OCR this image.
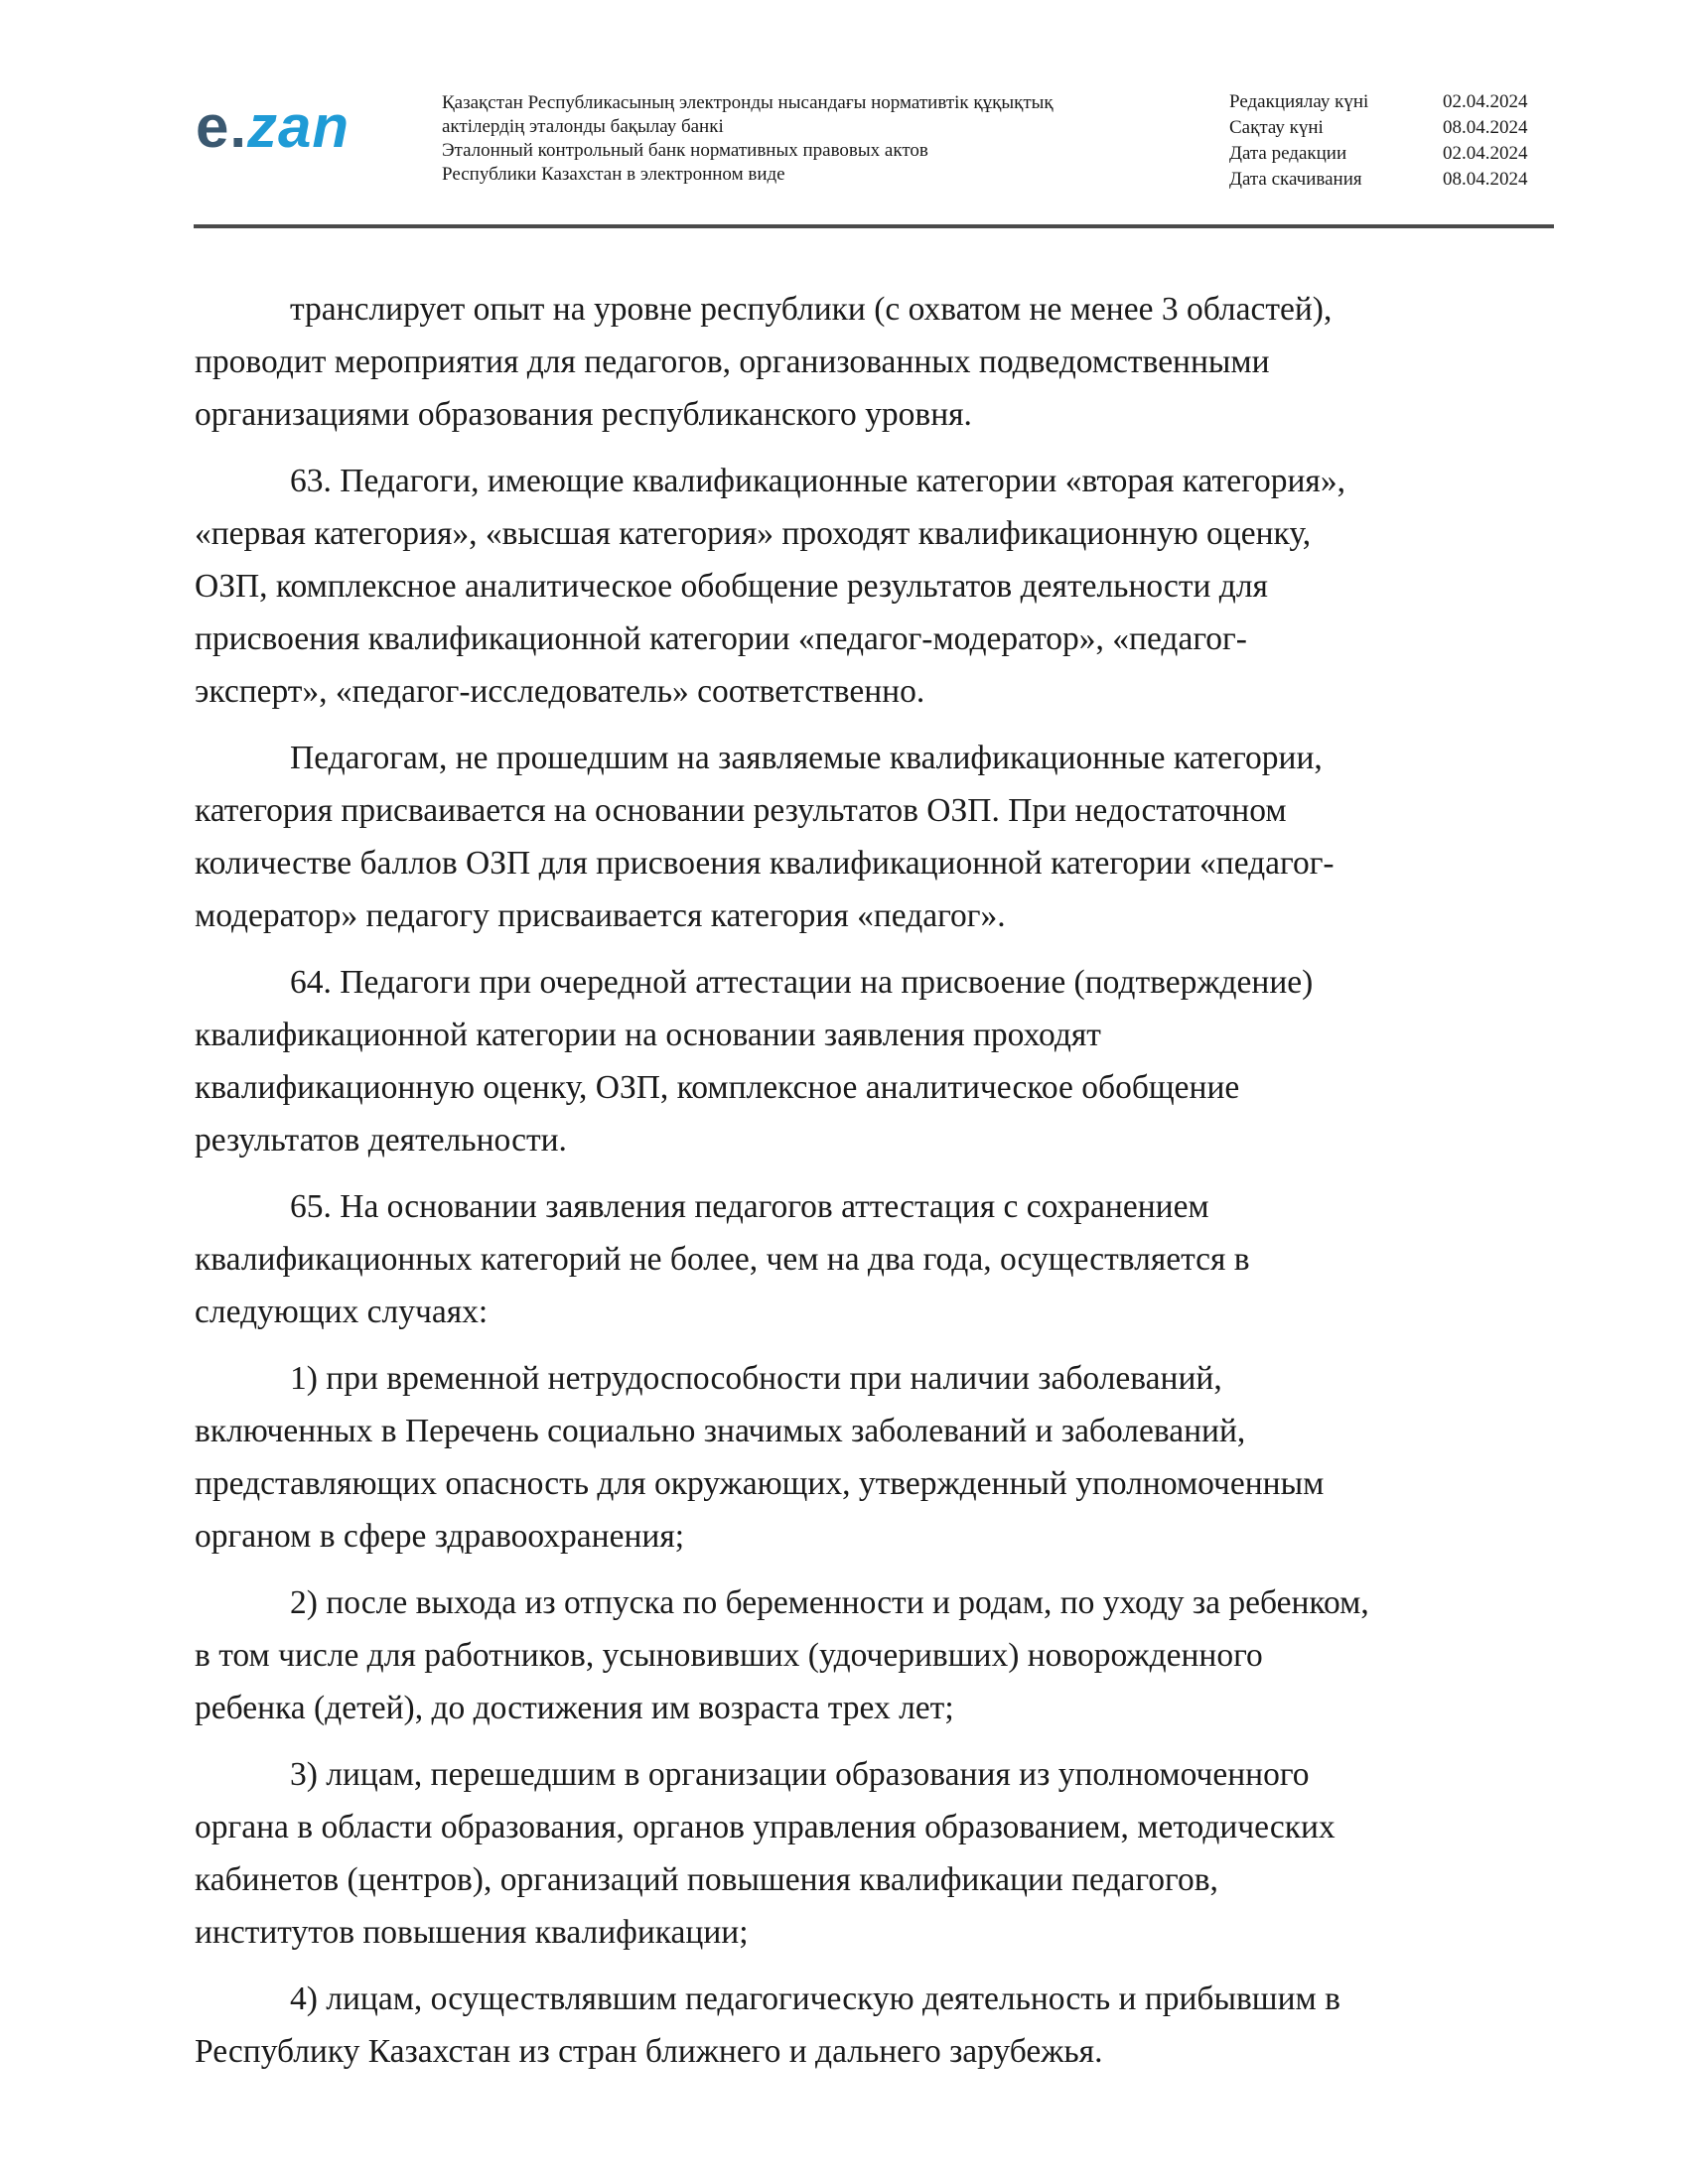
e.zan	Қазақстан Республикасының электронды нысандағы нормативтік құқықтық
актілердің эталонды бақылау банкі
Эталонный контрольный банк нормативных правовых актов
Республики Казахстан в электронном виде
Редакциялау күні	02.04.2024
Сақтау күні	08.04.2024
Дата редакции	02.04.2024
Дата скачивания	08.04.2024

транслирует опыт на уровне республики (с охватом не менее 3 областей),
проводит мероприятия для педагогов, организованных подведомственными
организациями образования республиканского уровня.

63. Педагоги, имеющие квалификационные категории «вторая категория»,
«первая категория», «высшая категория» проходят квалификационную оценку,
ОЗП, комплексное аналитическое обобщение результатов деятельности для
присвоения квалификационной категории «педагог-модератор», «педагог-
эксперт», «педагог-исследователь» соответственно.

Педагогам, не прошедшим на заявляемые квалификационные категории,
категория присваивается на основании результатов ОЗП. При недостаточном
количестве баллов ОЗП для присвоения квалификационной категории «педагог-
модератор» педагогу присваивается категория «педагог».

64. Педагоги при очередной аттестации на присвоение (подтверждение)
квалификационной категории на основании заявления проходят
квалификационную оценку, ОЗП, комплексное аналитическое обобщение
результатов деятельности.

65. На основании заявления педагогов аттестация с сохранением
квалификационных категорий не более, чем на два года, осуществляется в
следующих случаях:

1) при временной нетрудоспособности при наличии заболеваний,
включенных в Перечень социально значимых заболеваний и заболеваний,
представляющих опасность для окружающих, утвержденный уполномоченным
органом в сфере здравоохранения;

2) после выхода из отпуска по беременности и родам, по уходу за ребенком,
в том числе для работников, усыновивших (удочеривших) новорожденного
ребенка (детей), до достижения им возраста трех лет;

3) лицам, перешедшим в организации образования из уполномоченного
органа в области образования, органов управления образованием, методических
кабинетов (центров), организаций повышения квалификации педагогов,
институтов повышения квалификации;

4) лицам, осуществлявшим педагогическую деятельность и прибывшим в
Республику Казахстан из стран ближнего и дальнего зарубежья.
